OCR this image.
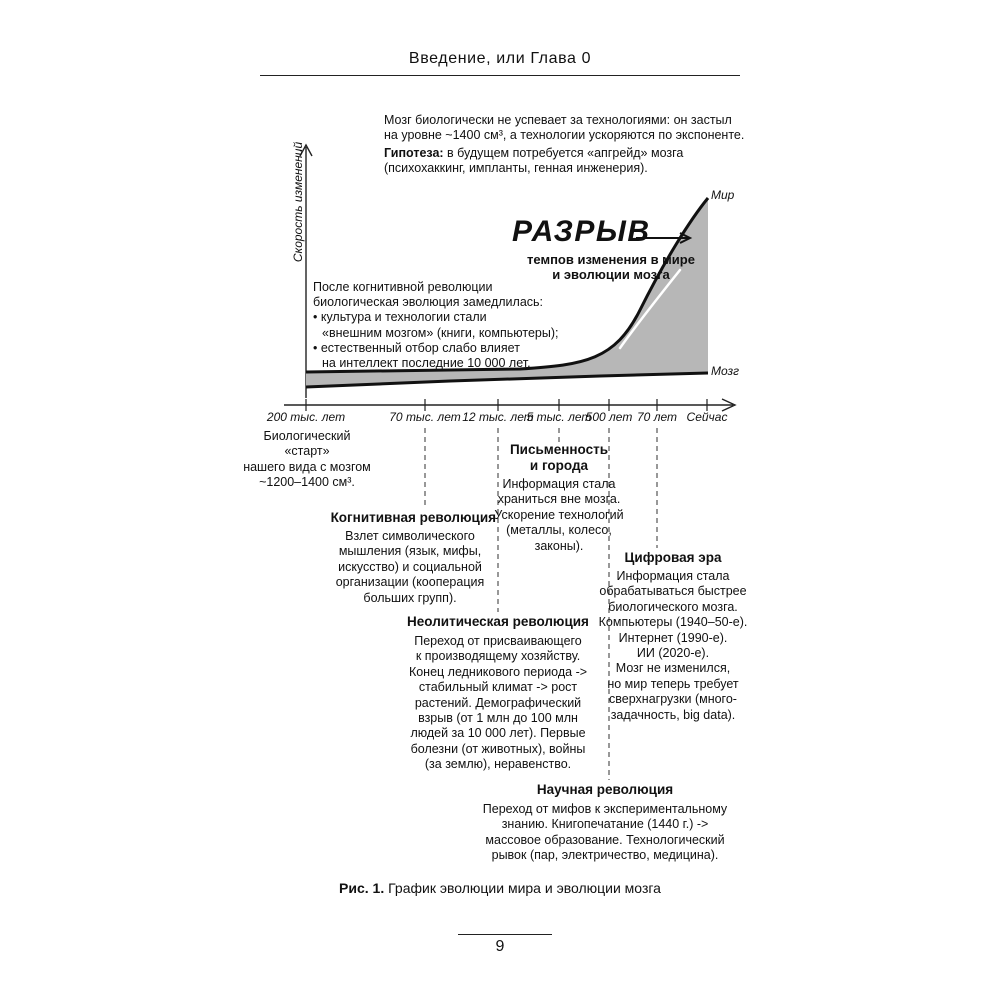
Введение, или Глава 0
Мозг биологически не успевает за технологиями: он застыл
на уровне ~1400 см³, а технологии ускоряются по экспоненте.
Гипотеза: в будущем потребуется «апгрейд» мозга
(психохаккинг, импланты, генная инженерия).
Скорость изменений	Мир
Мозг
РАЗРЫВ
темпов изменения в мире
и эволюции мозга
После когнитивной революции
биологическая эволюция замедлилась:
• культура и технологии стали
«внешним мозгом» (книги, компьютеры);
• естественный отбор слабо влияет
на интеллект последние 10 000 лет.
200 тыс. лет	70 тыс. лет 12 тыс. лет
5 тыс. лет
500 лет 70 лет Сейчас
Биологический «старт»
нашего вида с мозгом
~1200–1400 см³.
Письменность
и города
Информация стала
храниться вне мозга.
Ускорение технологий
(металлы, колесо,
законы).
Когнитивная революция
Взлет символического
мышления (язык, мифы,
искусство) и социальной
организации (кооперация
больших групп).
Цифровая эра
Информация стала
обрабатываться быстрее
биологического мозга.
Компьютеры (1940–50-е).
Интернет (1990-е).
ИИ (2020-е).
Мозг не изменился,
но мир теперь требует
сверхнагрузки (много-
задачность, big data).
Неолитическая революция
Переход от присваивающего
к производящему хозяйству.
Конец ледникового периода ->
стабильный климат -> рост
растений. Демографический
взрыв (от 1 млн до 100 млн
людей за 10 000 лет). Первые
болезни (от животных), войны
(за землю), неравенство.
Научная революция
Переход от мифов к экспериментальному
знанию. Книгопечатание (1440 г.) ->
массовое образование. Технологический
рывок (пар, электричество, медицина).
Рис. 1. График эволюции мира и эволюции мозга
9
